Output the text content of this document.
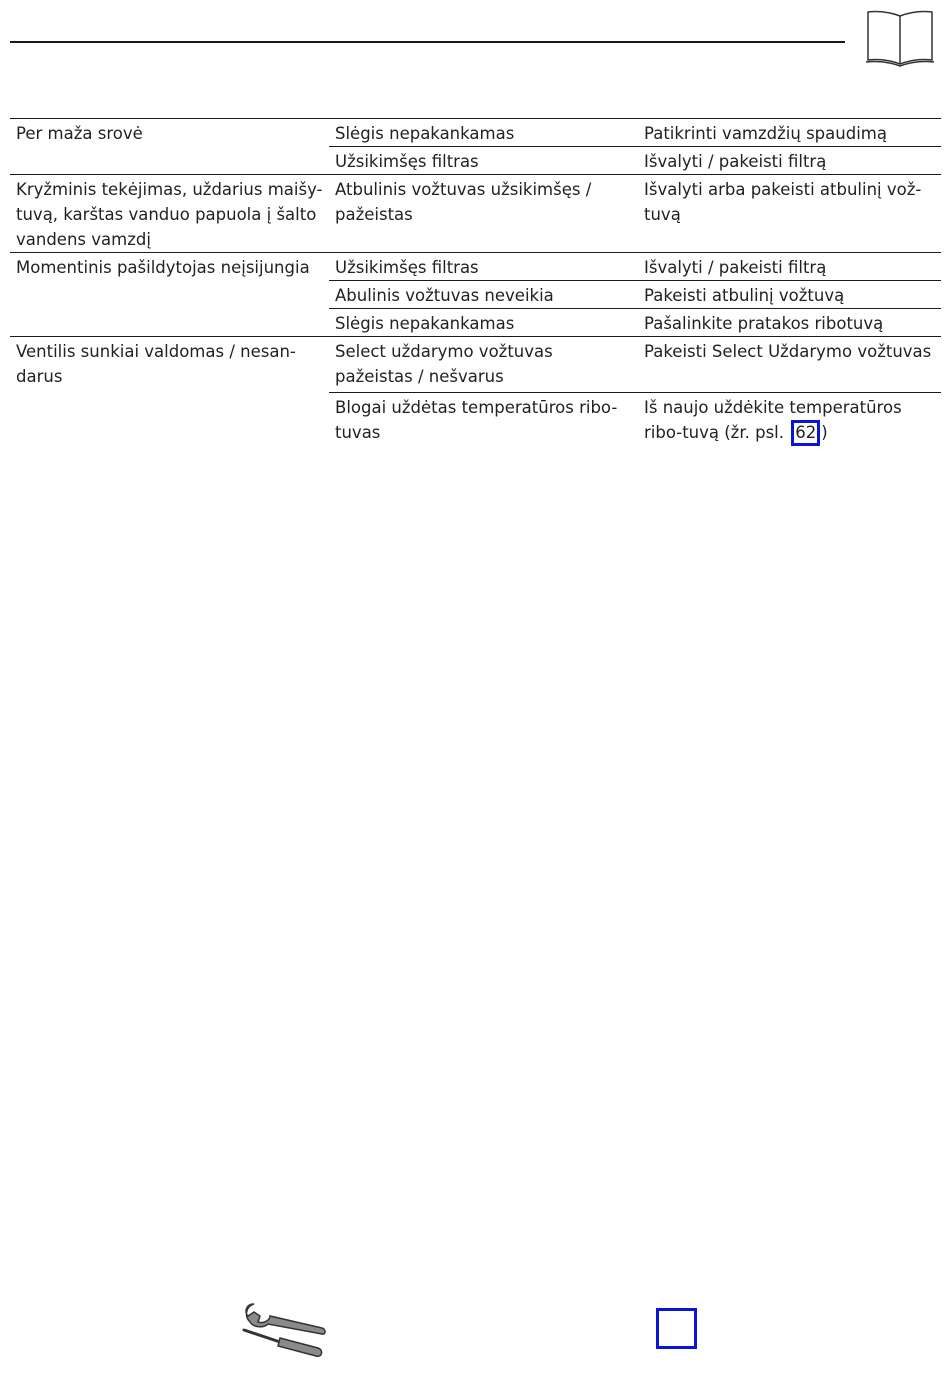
Per maža srovė	Slėgis nepakankamas	Patikrinti vamzdžių spaudimą
	Užsikimšęs filtras	Išvalyti / pakeisti filtrą
Kryžminis tekėjimas, uždarius maišy-tuvą, karštas vanduo papuola į šalto vandens vamzdį	Atbulinis vožtuvas užsikimšęs / pažeistas	Išvalyti arba pakeisti atbulinį vož-tuvą
Momentinis pašildytojas neįsijungia	Užsikimšęs filtras	Išvalyti / pakeisti filtrą
	Abulinis vožtuvas neveikia	Pakeisti atbulinį vožtuvą
	Slėgis nepakankamas	Pašalinkite pratakos ribotuvą
Ventilis sunkiai valdomas / nesan-darus	Select uždarymo vožtuvas pažeistas / nešvarus	Pakeisti Select Uždarymo vožtuvas
	Blogai uždėtas temperatūros ribo-tuvas	Iš naujo uždėkite temperatūros ribo-tuvą (žr. psl. 62 )
